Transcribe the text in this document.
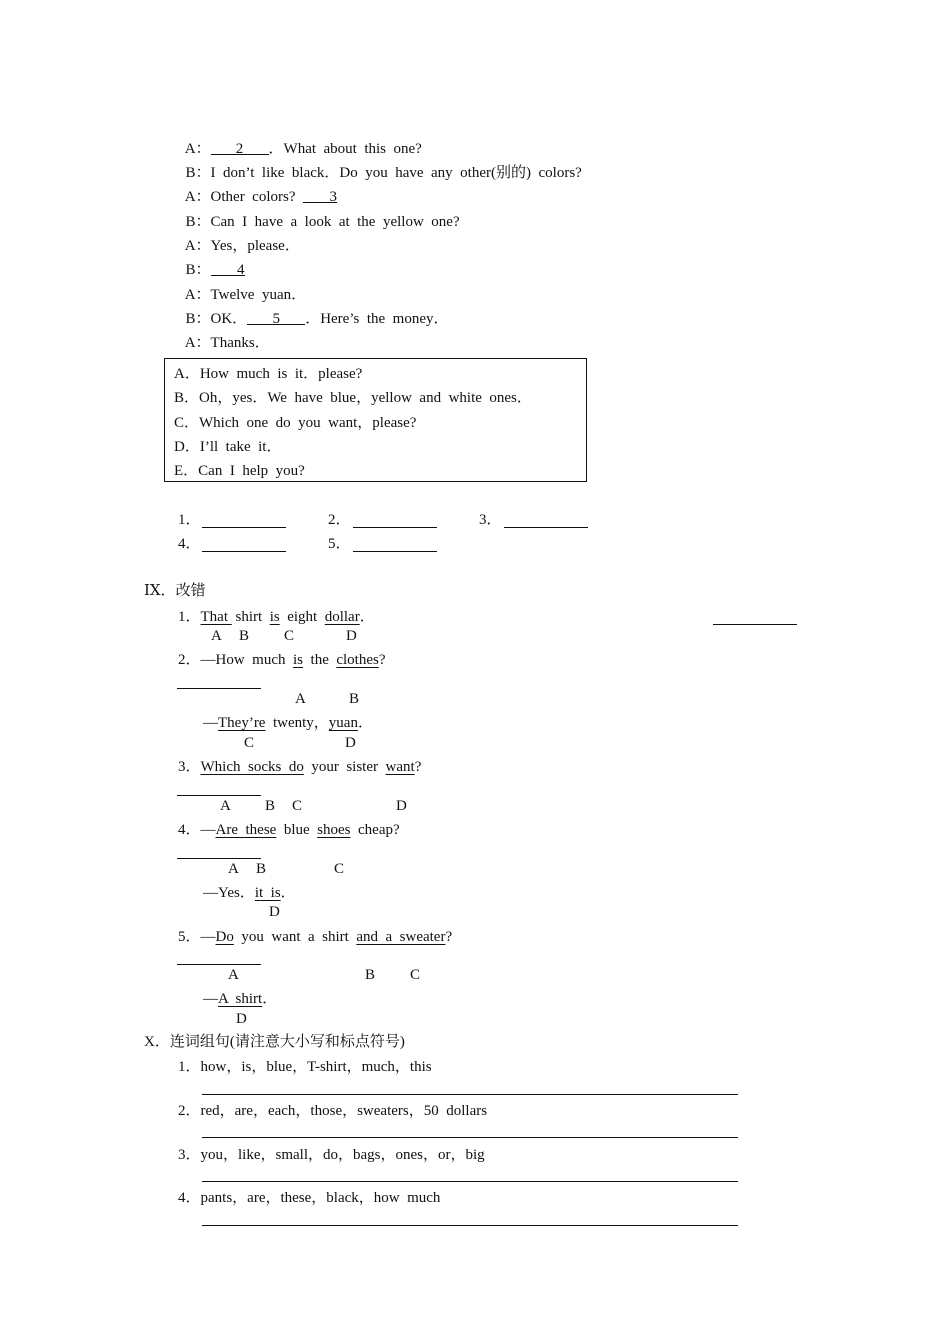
A： 2 ．What  about  this  one?

B：I  don’t  like  black．Do  you  have  any  other(别的)  colors?

A：Other  colors?  3

B：Can  I  have  a  look  at  the  yellow  one?

A：Yes，please．

B： 4

A：Twelve  yuan．

B：OK． 5 ．Here’s  the  money．

A：Thanks．

A．How  much  is  it．please?
B．Oh，yes．We  have  blue，yellow  and  white  ones．
C．Which  one  do  you  want，please?
D．I’ll  take  it．
E．Can  I  help  you?
1．	2．	3．
4．	5．
ⅠⅩ．改错
1．That  shirt  is  eight  dollar．
A B C	D
2．—How  much  is  the  clothes?
A	B
—They’re  twenty，yuan．
C	D
3．Which  socks  do  your  sister  want?
A B C	D
4．—Are  these  blue  shoes  cheap?
A B	C
—Yes．it  is．
D
5．—Do  you  want  a  shirt  and  a  sweater?
A	B C
—A  shirt．
D
X．连词组句(请注意大小写和标点符号)
1．how，is，blue，T-shirt，much，this
2．red，are，each，those，sweaters，50  dollars
3．you，like，small，do，bags，ones，or，big
4．pants，are，these，black，how  much
